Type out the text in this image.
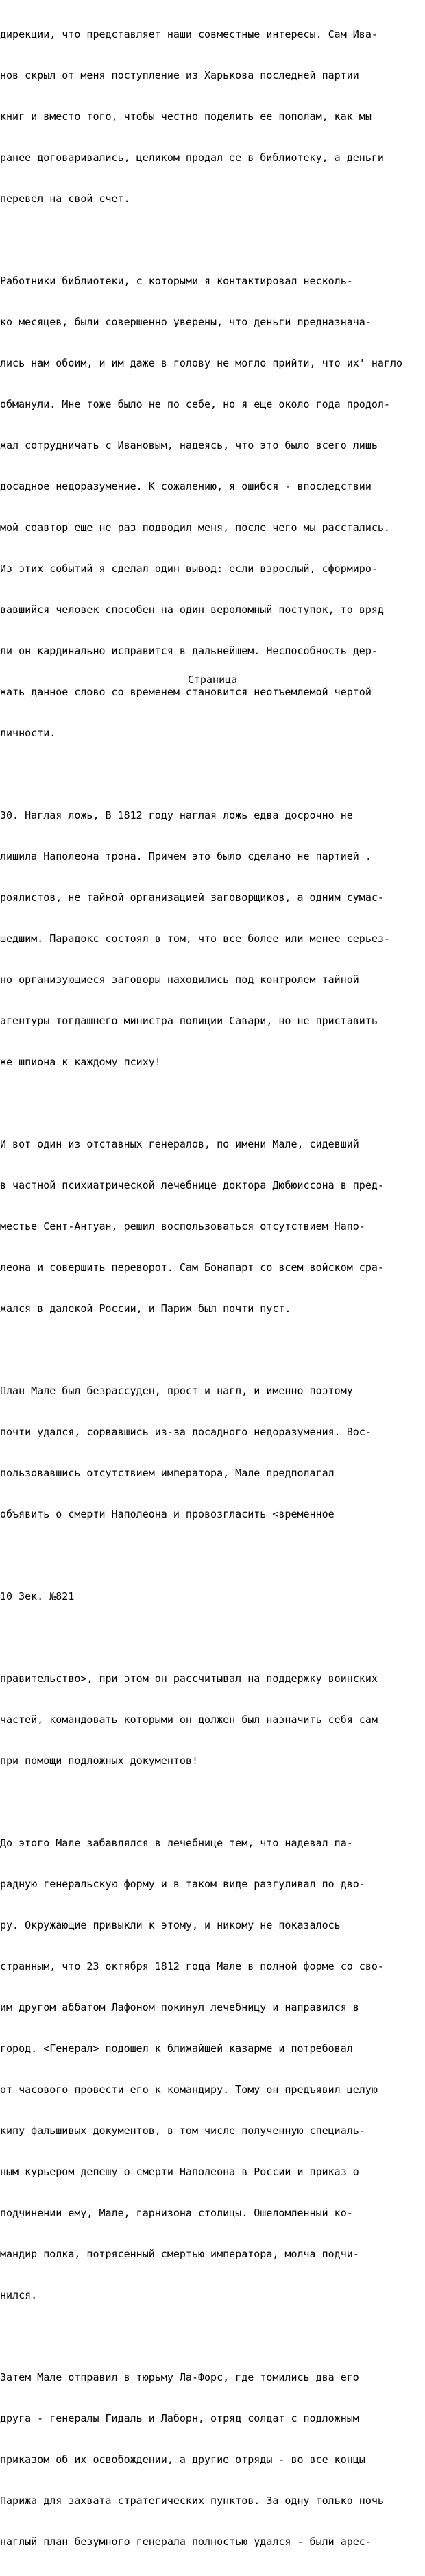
дирекции, что представляет наши совместные интересы. Сам Ива-

нов скрыл от меня поступление из Харькова последней партии

книг и вместо того, чтобы честно поделить ее пополам, как мы

ранее договаривались, целиком продал ее в библиотеку, а деньги

перевел на свой счет.

Работники библиотеки, с которыми я контактировал несколь-

ко месяцев, были совершенно уверены, что деньги предназнача-

лись нам обоим, и им даже в голову не могло прийти, что их' нагло

обманули. Мне тоже было не по себе, но я еще около года продол-

жал сотрудничать с Ивановым, надеясь, что это было всего лишь

досадное недоразумение. К сожалению, я ошибся - впоследствии

мой соавтор еще не раз подводил меня, после чего мы расстались.

Из этих событий я сделал один вывод: если взрослый, сформиро-

вавшийся человек способен на один вероломный поступок, то вряд

ли он кардинально исправится в дальнейшем. Неспособность дер-

жать данное слово со временем становится неотъемлемой чертой

личности.

30. Наглая ложь, В 1812 году наглая ложь едва досрочно не

лишила Наполеона трона. Причем это было сделано не партией .

роялистов, не тайной организацией заговорщиков, а одним сумас-

шедшим. Парадокс состоял в том, что все более или менее серьез-

но организующиеся заговоры находились под контролем тайной

агентуры тогдашнего министра полиции Савари, но не приставить

же шпиона к каждому психу!

И вот один из отставных генералов, по имени Мале, сидевший

в частной психиатрической лечебнице доктора Дюбюиссона в пред-

местье Сент-Антуан, решил воспользоваться отсутствием Напо-

леона и совершить переворот. Сам Бонапарт со всем войском сра-

жался в далекой России, и Париж был почти пуст.

План Мале был безрассуден, прост и нагл, и именно поэтому

почти удался, сорвавшись из-за досадного недоразумения. Вос-

пользовавшись отсутствием императора, Мале предполагал

объявить о смерти Наполеона и провозгласить <временное

10 Зек. №821

правительство>, при этом он рассчитывал на поддержку воинских

частей, командовать которыми он должен был назначить себя сам

при помощи подложных документов!

До этого Мале забавлялся в лечебнице тем, что надевал па-

радную генеральскую форму и в таком виде разгуливал по дво-

ру. Окружающие привыкли к этому, и никому не показалось

странным, что 23 октября 1812 года Мале в полной форме со сво-

им другом аббатом Лафоном покинул лечебницу и направился в

город. <Генерал> подошел к ближайшей казарме и потребовал

от часового провести его к командиру. Тому он предъявил целую

кипу фальшивых документов, в том числе полученную специаль-

ным курьером депешу о смерти Наполеона в России и приказ о

подчинении ему, Мале, гарнизона столицы. Ошеломленный ко-

мандир полка, потрясенный смертью императора, молча подчи-

нился.

Затем Мале отправил в тюрьму Ла-Форс, где томились два его

друга - генералы Гидаль и Лаборн, отряд солдат с подложным

приказом об их освобождении, а другие отряды - во все концы

Парижа для захвата стратегических пунктов. За одну только ночь

наглый план безумного генерала полностью удался - были арес-

Страница
